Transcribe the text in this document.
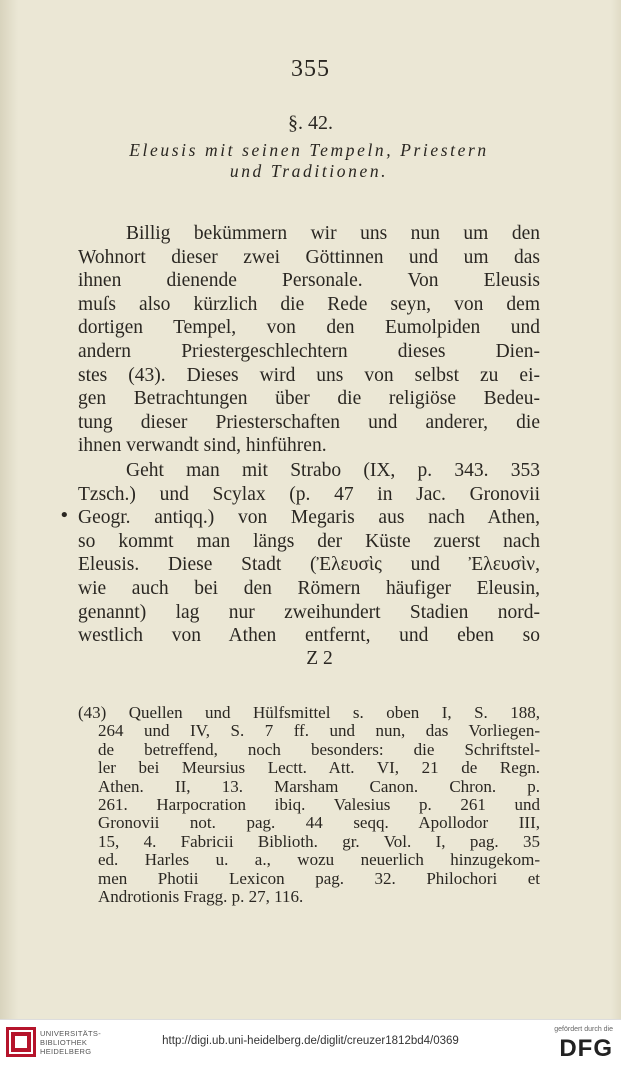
355
§. 42.
Eleusis mit seinen Tempeln, Priestern
und Traditionen.
Billig bekümmern wir uns nun um den
Wohnort dieser zwei Göttinnen und um das
ihnen dienende Personale. Von Eleusis
muſs also kürzlich die Rede seyn, von dem
dortigen Tempel, von den Eumolpiden und
andern Priestergeschlechtern dieses Dien-
stes (43). Dieses wird uns von selbst zu ei-
gen Betrachtungen über die religiöse Bedeu-
tung dieser Priesterschaften und anderer, die
ihnen verwandt sind, hinführen.
•
Geht man mit Strabo (IX, p. 343. 353
Tzsch.) und Scylax (p. 47 in Jac. Gronovii
Geogr. antiqq.) von Megaris aus nach Athen,
so kommt man längs der Küste zuerst nach
Eleusis. Diese Stadt (Ἐλευσὶς und Ἐλευσὶν,
wie auch bei den Römern häufiger Eleusin,
genannt) lag nur zweihundert Stadien nord-
westlich von Athen entfernt, und eben so
Z 2
(43) Quellen und Hülfsmittel s. oben I, S. 188,
264 und IV, S. 7 ff. und nun, das Vorliegen-
de betreffend, noch besonders: die Schriftstel-
ler bei Meursius Lectt. Att. VI, 21 de Regn.
Athen. II, 13. Marsham Canon. Chron. p.
261. Harpocration ibiq. Valesius p. 261 und
Gronovii not. pag. 44 seqq. Apollodor III,
15, 4. Fabricii Biblioth. gr. Vol. I, pag. 35
ed. Harles u. a., wozu neuerlich hinzugekom-
men Photii Lexicon pag. 32. Philochori et
Androtionis Fragg. p. 27, 116.
UNIVERSITÄTS-
BIBLIOTHEK
HEIDELBERG
http://digi.ub.uni-heidelberg.de/diglit/creuzer1812bd4/0369
gefördert durch die
DFG
